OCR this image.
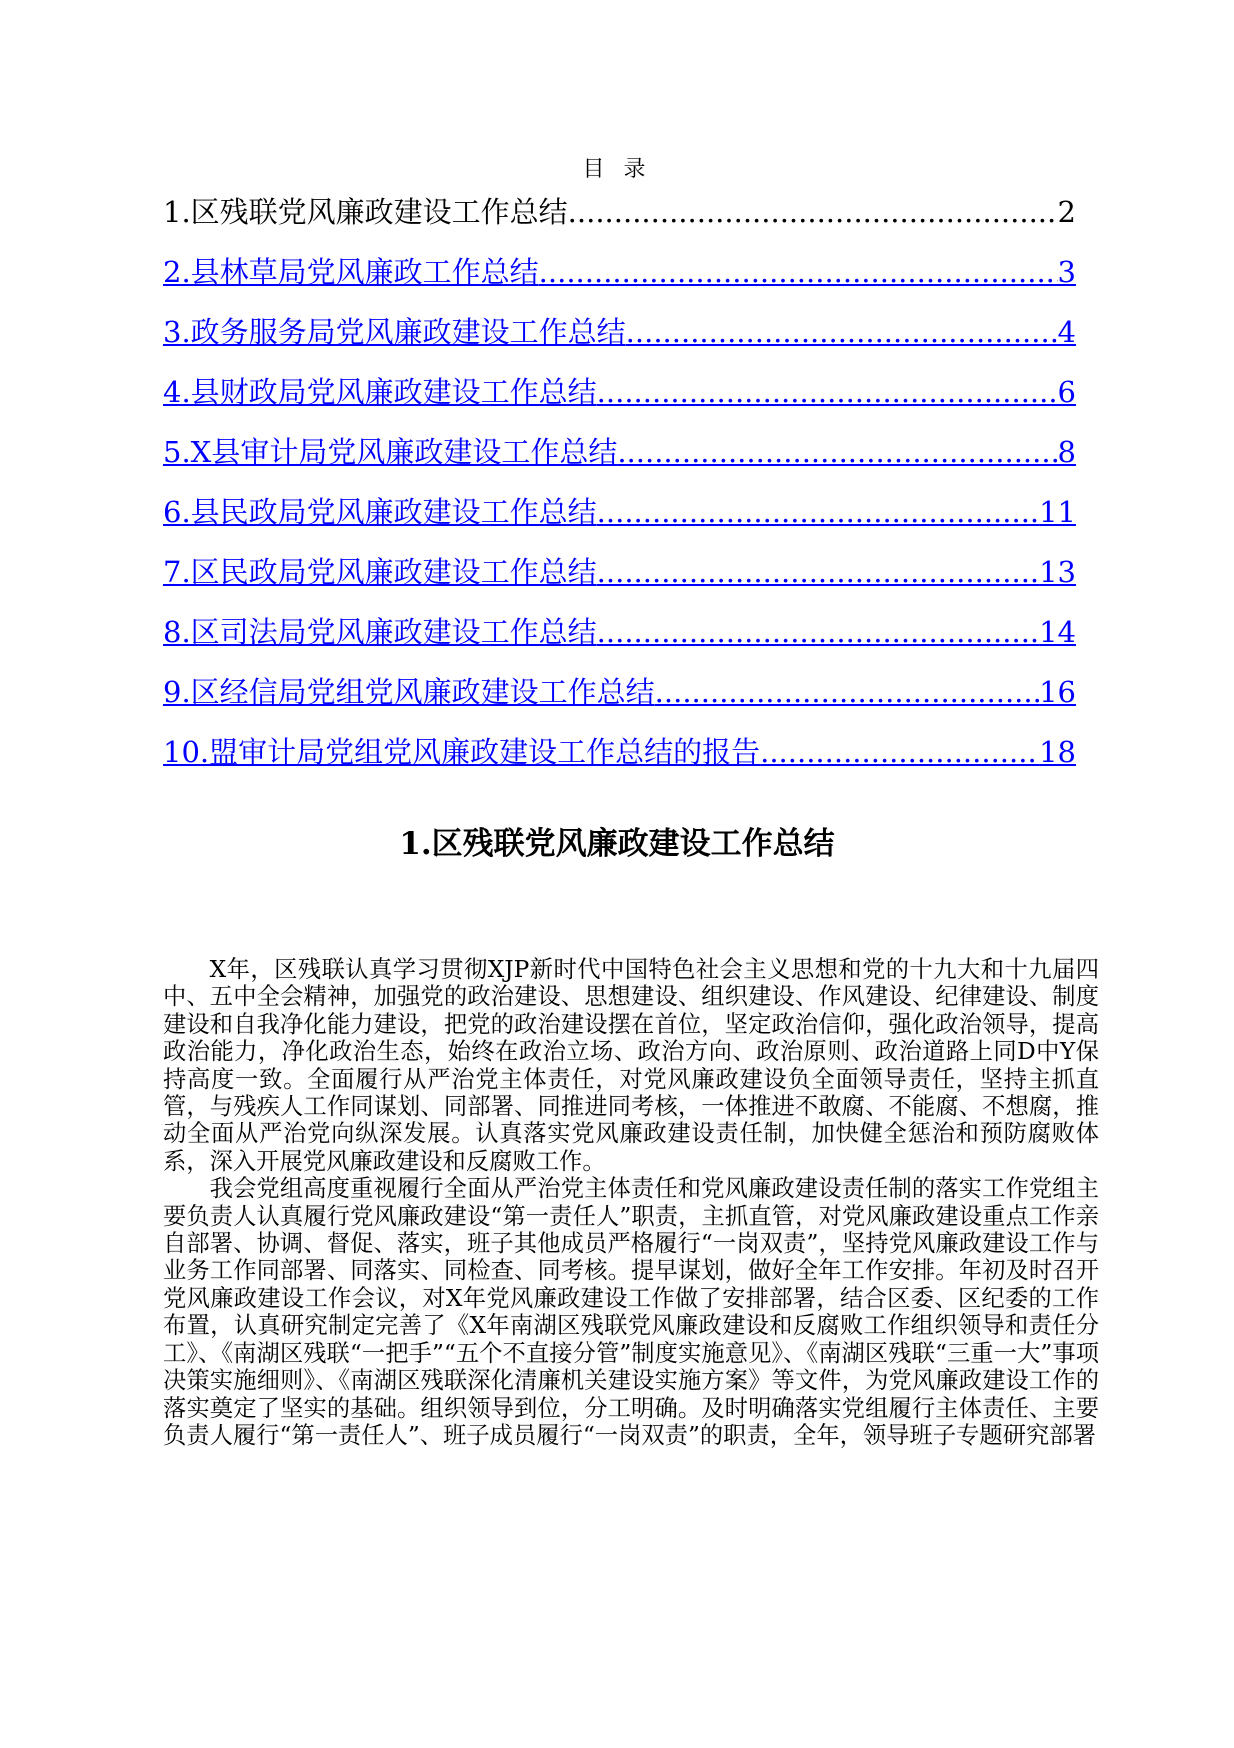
目 录
1.区残联党风廉政建设工作总结 .....	2
2.县林草局党风廉政工作总结 .....	3
3.政务服务局党风廉政建设工作总结 .....	4
4.县财政局党风廉政建设工作总结 .....	6
5.X县审计局党风廉政建设工作总结 .....	8
6.县民政局党风廉政建设工作总结 .....	11
7.区民政局党风廉政建设工作总结 .....	13
8.区司法局党风廉政建设工作总结 .....	14
9.区经信局党组党风廉政建设工作总结 .....	16
10.盟审计局党组党风廉政建设工作总结的报告 .....	18
1.区残联党风廉政建设工作总结

X年，区残联认真学习贯彻XJP新时代中国特色社会主义思想和党的十九大和十九届四中、五中全会精神，加强党的政治建设、思想建设、组织建设、作风建设、纪律建设、制度建设和自我净化能力建设，把党的政治建设摆在首位，坚定政治信仰，强化政治领导，提高政治能力，净化政治生态，始终在政治立场、政治方向、政治原则、政治道路上同D中Y保持高度一致。全面履行从严治党主体责任，对党风廉政建设负全面领导责任，坚持主抓直管，与残疾人工作同谋划、同部署、同推进同考核，一体推进不敢腐、不能腐、不想腐，推动全面从严治党向纵深发展。认真落实党风廉政建设责任制，加快健全惩治和预防腐败体系，深入开展党风廉政建设和反腐败工作。

我会党组高度重视履行全面从严治党主体责任和党风廉政建设责任制的落实工作党组主要负责人认真履行党风廉政建设“第一责任人”职责，主抓直管，对党风廉政建设重点工作亲自部署、协调、督促、落实，班子其他成员严格履行“一岗双责”，坚持党风廉政建设工作与业务工作同部署、同落实、同检查、同考核。提早谋划，做好全年工作安排。年初及时召开党风廉政建设工作会议，对X年党风廉政建设工作做了安排部署，结合区委、区纪委的工作布置，认真研究制定完善了《X年南湖区残联党风廉政建设和反腐败工作组织领导和责任分工》、《南湖区残联“一把手”“五个不直接分管”制度实施意见》、《南湖区残联“三重一大”事项决策实施细则》、《南湖区残联深化清廉机关建设实施方案》等文件，为党风廉政建设工作的落实奠定了坚实的基础。组织领导到位，分工明确。及时明确落实党组履行主体责任、主要负责人履行“第一责任人”、班子成员履行“一岗双责”的职责，全年，领导班子专题研究部署
